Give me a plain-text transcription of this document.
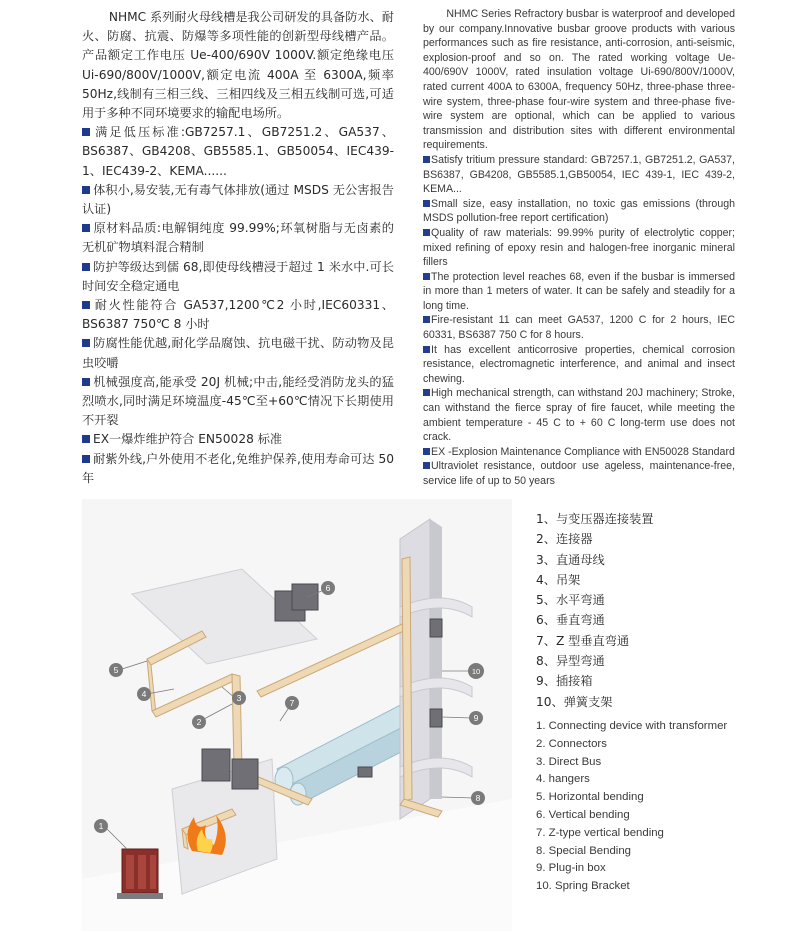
NHMC 系列耐火母线槽是我公司研发的具备防水、耐火、防腐、抗震、防爆等多项性能的创新型母线槽产品。产品额定工作电压 Ue-400/690V 1000V.额定绝缘电压 Ui-690/800V/1000V,额定电流 400A 至 6300A,频率 50Hz,线制有三相三线、三相四线及三相五线制可选,可适用于多种不同环境要求的输配电场所。

满足低压标准:GB7257.1、GB7251.2、GA537、BS6387、GB4208、GB5585.1、GB50054、IEC439-1、IEC439-2、KEMA......

体积小,易安装,无有毒气体排放(通过 MSDS 无公害报告认证)

原材料品质:电解铜纯度 99.99%;环氧树脂与无卤素的无机矿物填料混合精制

防护等级达到儒 68,即使母线槽浸于超过 1 米水中.可长时间安全稳定通电

耐火性能符合 GA537,1200℃2 小时,IEC60331、BS6387 750℃ 8 小时

防腐性能优越,耐化学品腐蚀、抗电磁干扰、防动物及昆虫咬嚼

机械强度高,能承受 20J 机械;中击,能经受消防龙头的猛烈喷水,同时满足环境温度-45℃至+60℃情况下长期使用不开裂

EX一爆炸维护符合 EN50028 标准

耐紫外线,户外使用不老化,免维护保养,使用寿命可达 50 年

NHMC Series Refractory busbar is waterproof and developed by our company.Innovative busbar groove products with various performances such as fire resistance, anti-corrosion, anti-seismic, explosion-proof and so on. The rated working voltage Ue-400/690V 1000V, rated insulation voltage Ui-690/800V/1000V, rated current 400A to 6300A, frequency 50Hz, three-phase three-wire system, three-phase four-wire system and three-phase five-wire system are optional, which can be applied to various transmission and distribution sites with different environmental requirements.

Satisfy tritium pressure standard: GB7257.1, GB7251.2, GA537, BS6387, GB4208, GB5585.1,GB50054, IEC 439-1, IEC 439-2, KEMA...

Small size, easy installation, no toxic gas emissions (through MSDS pollution-free report certification)

Quality of raw materials: 99.99% purity of electrolytic copper; mixed refining of epoxy resin and halogen-free inorganic mineral fillers

The protection level reaches 68, even if the busbar is immersed in more than 1 meters of water. It can be safely and steadily for a long time.

Fire-resistant 11 can meet GA537, 1200 C for 2 hours, IEC 60331, BS6387 750 C for 8 hours.

It has excellent anticorrosive properties, chemical corrosion resistance, electromagnetic interference, and animal and insect chewing.

High mechanical strength, can withstand 20J machinery; Stroke, can withstand the fierce spray of fire faucet, while meeting the ambient temperature - 45 C to + 60 C long-term use does not crack.

EX -Explosion Maintenance Compliance with EN50028 Standard

Ultraviolet resistance, outdoor use ageless, maintenance-free, service life of up to 50 years

1
2
3
4
5
6
7
8
9
10

1、与变压器连接装置

2、连接器

3、直通母线

4、吊架

5、水平弯通

6、垂直弯通

7、Z 型垂直弯通

8、异型弯通

9、插接箱

10、弹簧支架

1. Connecting device with transformer

2. Connectors

3. Direct Bus

4. hangers

5. Horizontal bending

6. Vertical bending

7. Z-type vertical bending

8. Special Bending

9. Plug-in box

10. Spring Bracket
